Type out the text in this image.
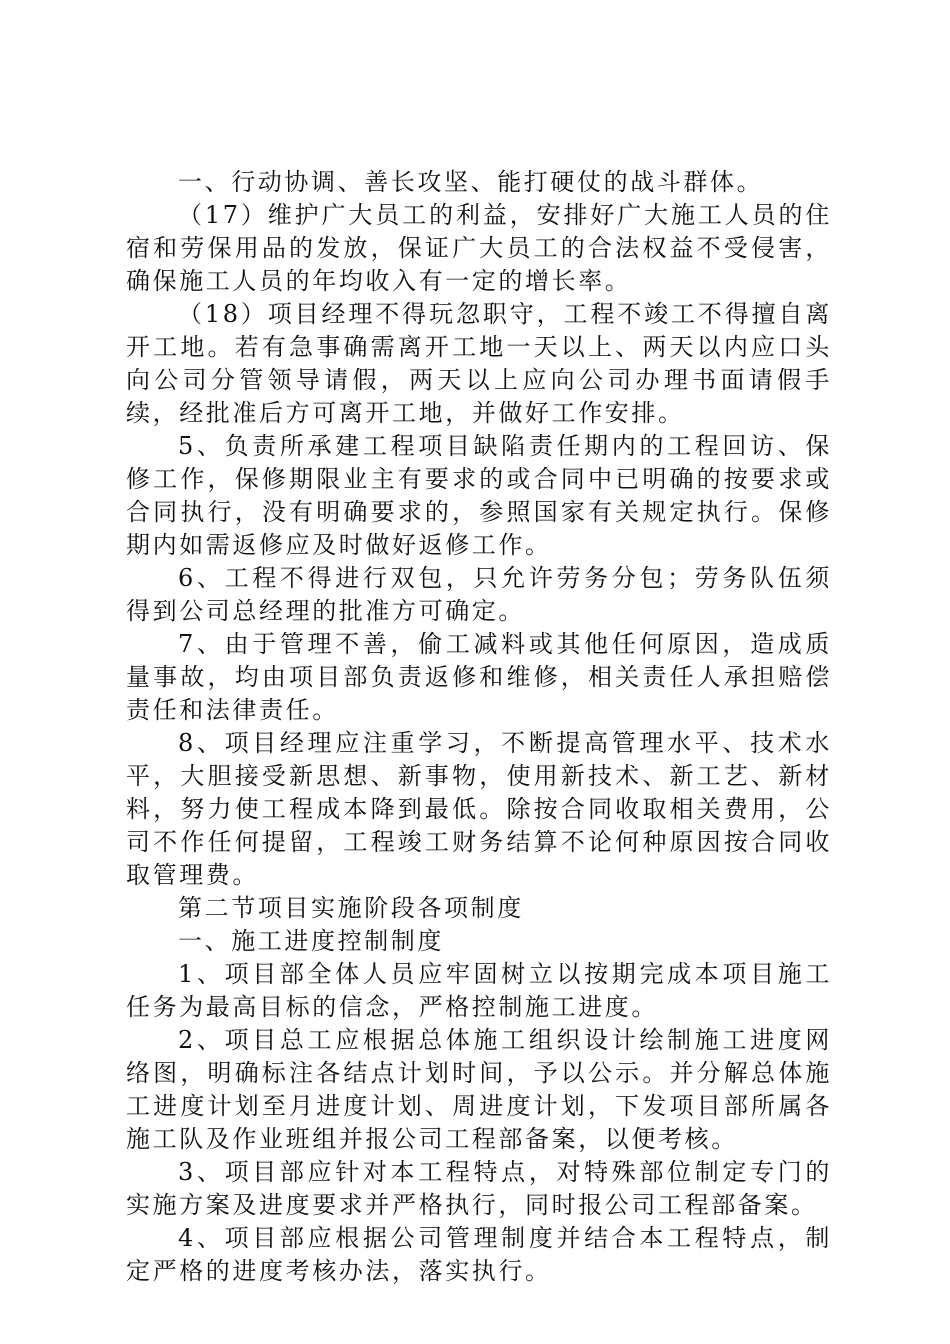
一、行动协调、善长攻坚、能打硬仗的战斗群体。

（17）维护广大员工的利益，安排好广大施工人员的住宿和劳保用品的发放，保证广大员工的合法权益不受侵害，确保施工人员的年均收入有一定的增长率。

（18）项目经理不得玩忽职守，工程不竣工不得擅自离开工地。若有急事确需离开工地一天以上、两天以内应口头向公司分管领导请假，两天以上应向公司办理书面请假手续，经批准后方可离开工地，并做好工作安排。

5、负责所承建工程项目缺陷责任期内的工程回访、保修工作，保修期限业主有要求的或合同中已明确的按要求或合同执行，没有明确要求的，参照国家有关规定执行。保修期内如需返修应及时做好返修工作。

6、工程不得进行双包，只允许劳务分包；劳务队伍须得到公司总经理的批准方可确定。

7、由于管理不善，偷工减料或其他任何原因，造成质量事故，均由项目部负责返修和维修，相关责任人承担赔偿责任和法律责任。

8、项目经理应注重学习，不断提高管理水平、技术水平，大胆接受新思想、新事物，使用新技术、新工艺、新材料，努力使工程成本降到最低。除按合同收取相关费用，公司不作任何提留，工程竣工财务结算不论何种原因按合同收取管理费。

第二节项目实施阶段各项制度

一、施工进度控制制度

1、项目部全体人员应牢固树立以按期完成本项目施工任务为最高目标的信念，严格控制施工进度。

2、项目总工应根据总体施工组织设计绘制施工进度网络图，明确标注各结点计划时间，予以公示。并分解总体施工进度计划至月进度计划、周进度计划，下发项目部所属各施工队及作业班组并报公司工程部备案，以便考核。

3、项目部应针对本工程特点，对特殊部位制定专门的实施方案及进度要求并严格执行，同时报公司工程部备案。

4、项目部应根据公司管理制度并结合本工程特点，制定严格的进度考核办法，落实执行。
